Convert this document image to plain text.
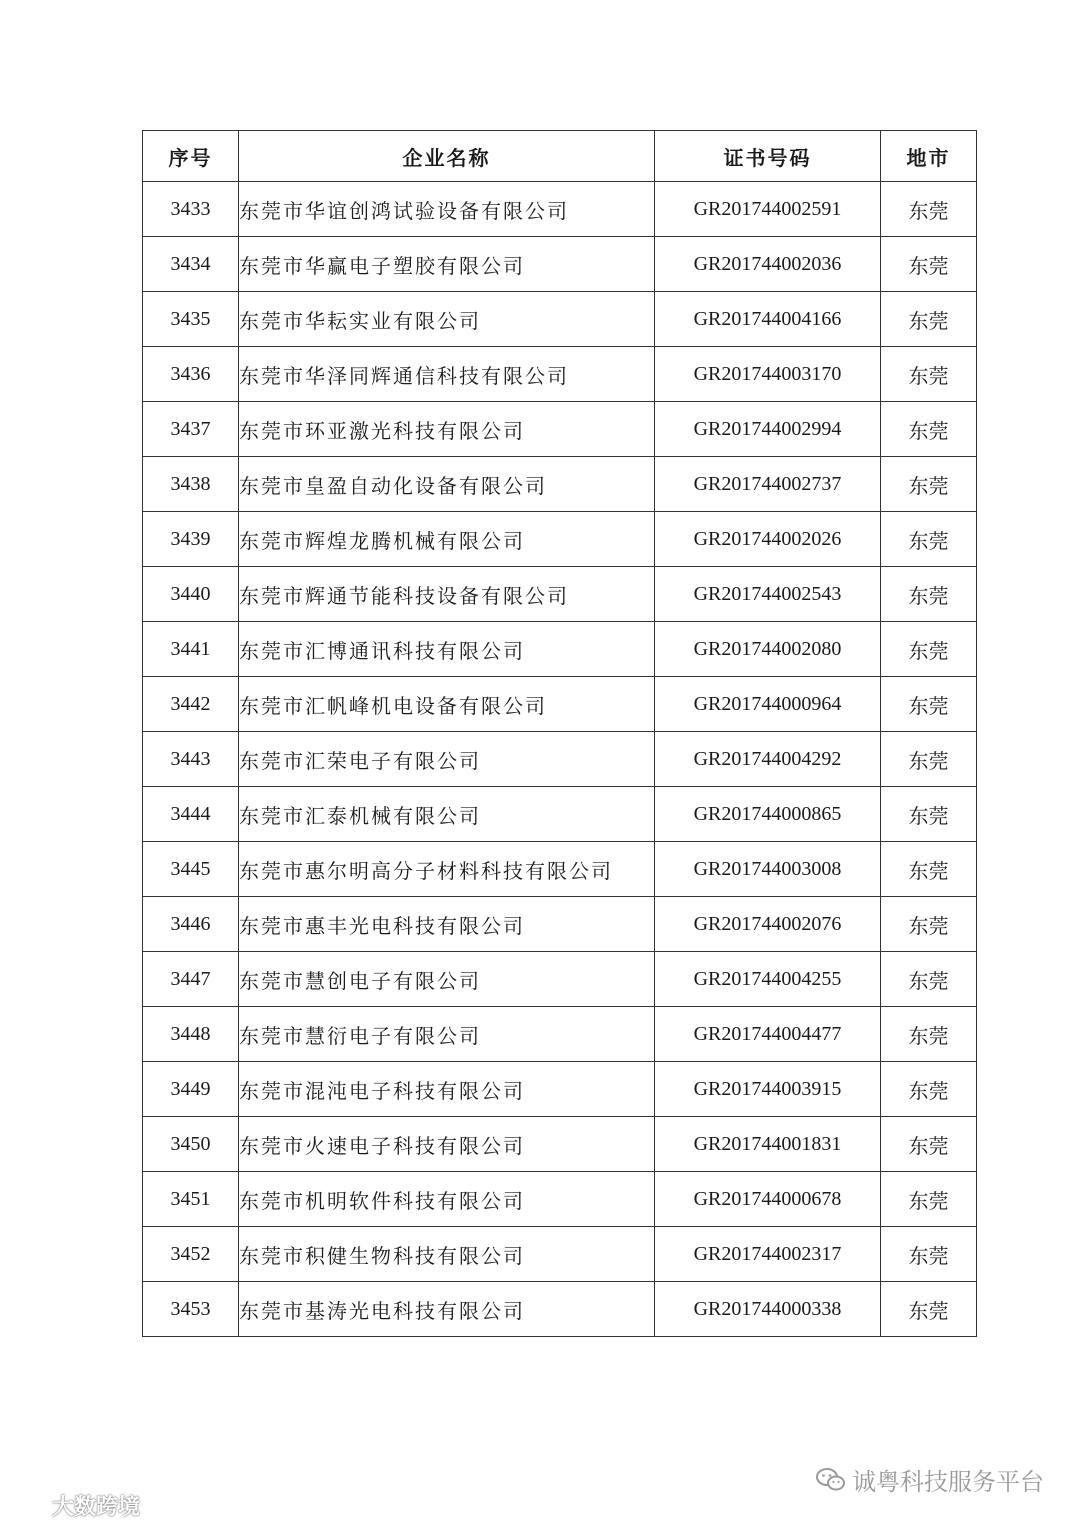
序号	企业名称	证书号码	地市
3433	东莞市华谊创鸿试验设备有限公司	GR201744002591	东莞
3434	东莞市华赢电子塑胶有限公司	GR201744002036	东莞
3435	东莞市华耘实业有限公司	GR201744004166	东莞
3436	东莞市华泽同辉通信科技有限公司	GR201744003170	东莞
3437	东莞市环亚激光科技有限公司	GR201744002994	东莞
3438	东莞市皇盈自动化设备有限公司	GR201744002737	东莞
3439	东莞市辉煌龙腾机械有限公司	GR201744002026	东莞
3440	东莞市辉通节能科技设备有限公司	GR201744002543	东莞
3441	东莞市汇博通讯科技有限公司	GR201744002080	东莞
3442	东莞市汇帆峰机电设备有限公司	GR201744000964	东莞
3443	东莞市汇荣电子有限公司	GR201744004292	东莞
3444	东莞市汇泰机械有限公司	GR201744000865	东莞
3445	东莞市惠尔明高分子材料科技有限公司	GR201744003008	东莞
3446	东莞市惠丰光电科技有限公司	GR201744002076	东莞
3447	东莞市慧创电子有限公司	GR201744004255	东莞
3448	东莞市慧衍电子有限公司	GR201744004477	东莞
3449	东莞市混沌电子科技有限公司	GR201744003915	东莞
3450	东莞市火速电子科技有限公司	GR201744001831	东莞
3451	东莞市机明软件科技有限公司	GR201744000678	东莞
3452	东莞市积健生物科技有限公司	GR201744002317	东莞
3453	东莞市基涛光电科技有限公司	GR201744000338	东莞
诚粤科技服务平台
大数跨境
